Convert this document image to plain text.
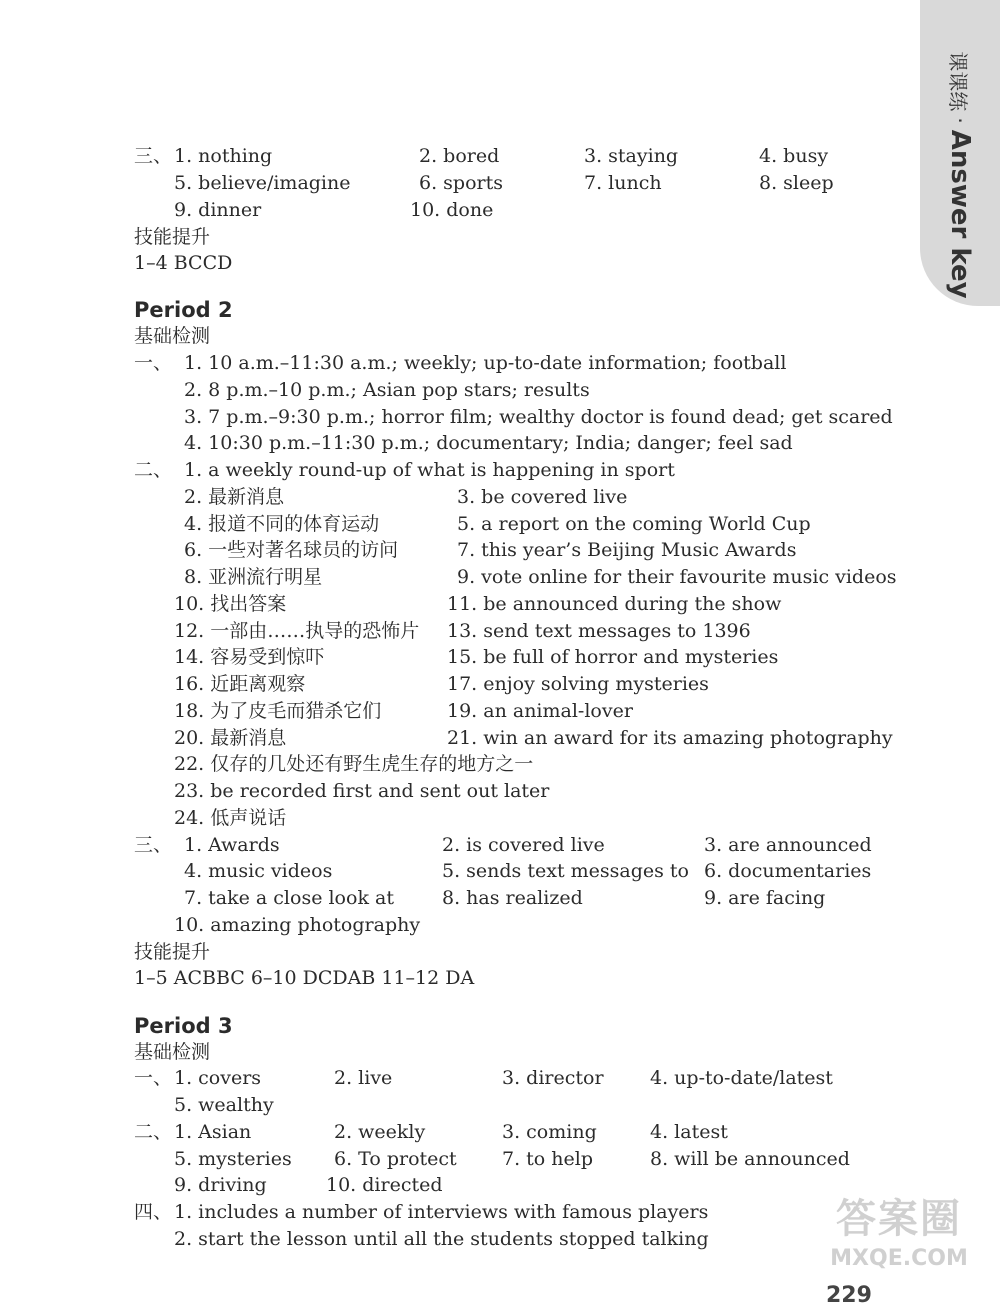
课课练
·
Answer key
三、 1. nothing	2. bored	3. staying	4. busy
5. believe/imagine	6. sports	7. lunch	8. sleep
9. dinner	10. done
技能提升
1–4 BCCD
Period 2
基础检测
一、 1. 10 a.m.–11:30 a.m.; weekly; up-to-date information; football
2. 8 p.m.–10 p.m.; Asian pop stars; results
3. 7 p.m.–9:30 p.m.; horror film; wealthy doctor is found dead; get scared
4. 10:30 p.m.–11:30 p.m.; documentary; India; danger; feel sad
二、 1. a weekly round-up of what is happening in sport
2. 最新消息	3. be covered live
4. 报道不同的体育运动	5. a report on the coming World Cup
6. 一些对著名球员的访问	7. this year’s Beijing Music Awards
8. 亚洲流行明星	9. vote online for their favourite music videos
10. 找出答案	11. be announced during the show
12. 一部由……执导的恐怖片 13. send text messages to 1396
14. 容易受到惊吓	15. be full of horror and mysteries
16. 近距离观察	17. enjoy solving mysteries
18. 为了皮毛而猎杀它们	19. an animal-lover
20. 最新消息	21. win an award for its amazing photography
22. 仅存的几处还有野生虎生存的地方之一
23. be recorded first and sent out later
24. 低声说话
三、 1. Awards	2. is covered live	3. are announced
4. music videos	5. sends text messages to 6. documentaries
7. take a close look at	8. has realized	9. are facing
10. amazing photography
技能提升
1–5 ACBBC 6–10 DCDAB 11–12 DA
Period 3
基础检测
一、 1. covers	2. live	3. director 4. up-to-date/latest
5. wealthy
二、 1. Asian	2. weekly	3. coming	4. latest
5. mysteries 6. To protect 7. to help	8. will be announced
9. driving	10. directed
四、 1. includes a number of interviews with famous players
2. start the lesson until all the students stopped talking	答案圈
MXQE.COM
229
